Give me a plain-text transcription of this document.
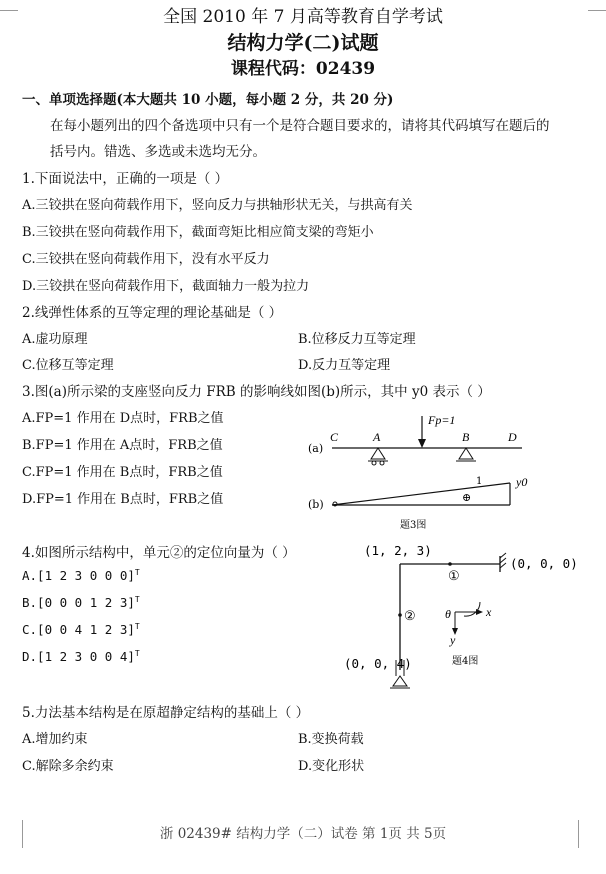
全国 2010 年 7 月高等教育自学考试
结构力学(二)试题
课程代码：02439
一、单项选择题(本大题共 10 小题，每小题 2 分，共 20 分)
在每小题列出的四个备选项中只有一个是符合题目要求的，请将其代码填写在题后的
括号内。错选、多选或未选均无分。
1.下面说法中，正确的一项是（ ）
A.三铰拱在竖向荷载作用下，竖向反力与拱轴形状无关，与拱高有关
B.三铰拱在竖向荷载作用下，截面弯矩比相应简支梁的弯矩小
C.三铰拱在竖向荷载作用下，没有水平反力
D.三铰拱在竖向荷载作用下，截面轴力一般为拉力
2.线弹性体系的互等定理的理论基础是（ ）
A.虚功原理	B.位移反力互等定理
C.位移互等定理	D.反力互等定理
3.图(a)所示梁的支座竖向反力 FRB 的影响线如图(b)所示，其中 y0 表示（ ）
A.FP=1 作用在 D点时，FRB之值
B.FP=1 作用在 A点时，FRB之值
C.FP=1 作用在 B点时，FRB之值
D.FP=1 作用在 B点时，FRB之值
(a)
C	A	B	D
Fp=1
(b)
1	y0
⊕
题3图
4.如图所示结构中，单元②的定位向量为（ ）
A.[1 2 3 0 0 0]$^T$
B.[0 0 0 1 2 3]$^T$
C.[0 0 4 1 2 3]$^T$
D.[1 2 3 0 0 4]$^T$
(1, 2, 3)
(0, 0, 0)
①
② θ	x
y
题4图
(0, 0, 4)
5.力法基本结构是在原超静定结构的基础上（ ）
A.增加约束	B.变换荷载
C.解除多余约束	D.变化形状
浙 02439# 结构力学（二）试卷 第 1页 共 5页
